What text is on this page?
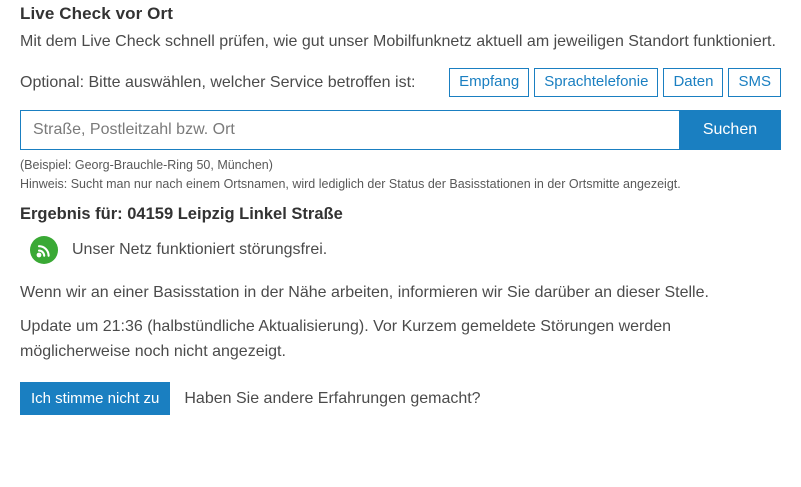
Live Check vor Ort

Mit dem Live Check schnell prüfen, wie gut unser Mobilfunknetz aktuell am jeweiligen Standort funktioniert.

Optional: Bitte auswählen, welcher Service betroffen ist:	Empfang	Sprachtelefonie	Daten	SMS
Straße, Postleitzahl bzw. Ort
Suchen

(Beispiel: Georg-Brauchle-Ring 50, München)

Hinweis: Sucht man nur nach einem Ortsnamen, wird lediglich der Status der Basisstationen in der Ortsmitte angezeigt.

Ergebnis für: 04159 Leipzig Linkel Straße
Unser Netz funktioniert störungsfrei.

Wenn wir an einer Basisstation in der Nähe arbeiten, informieren wir Sie darüber an dieser Stelle.

Update um 21:36 (halbstündliche Aktualisierung). Vor Kurzem gemeldete Störungen werden möglicherweise noch nicht angezeigt.

Ich stimme nicht zu	Haben Sie andere Erfahrungen gemacht?
